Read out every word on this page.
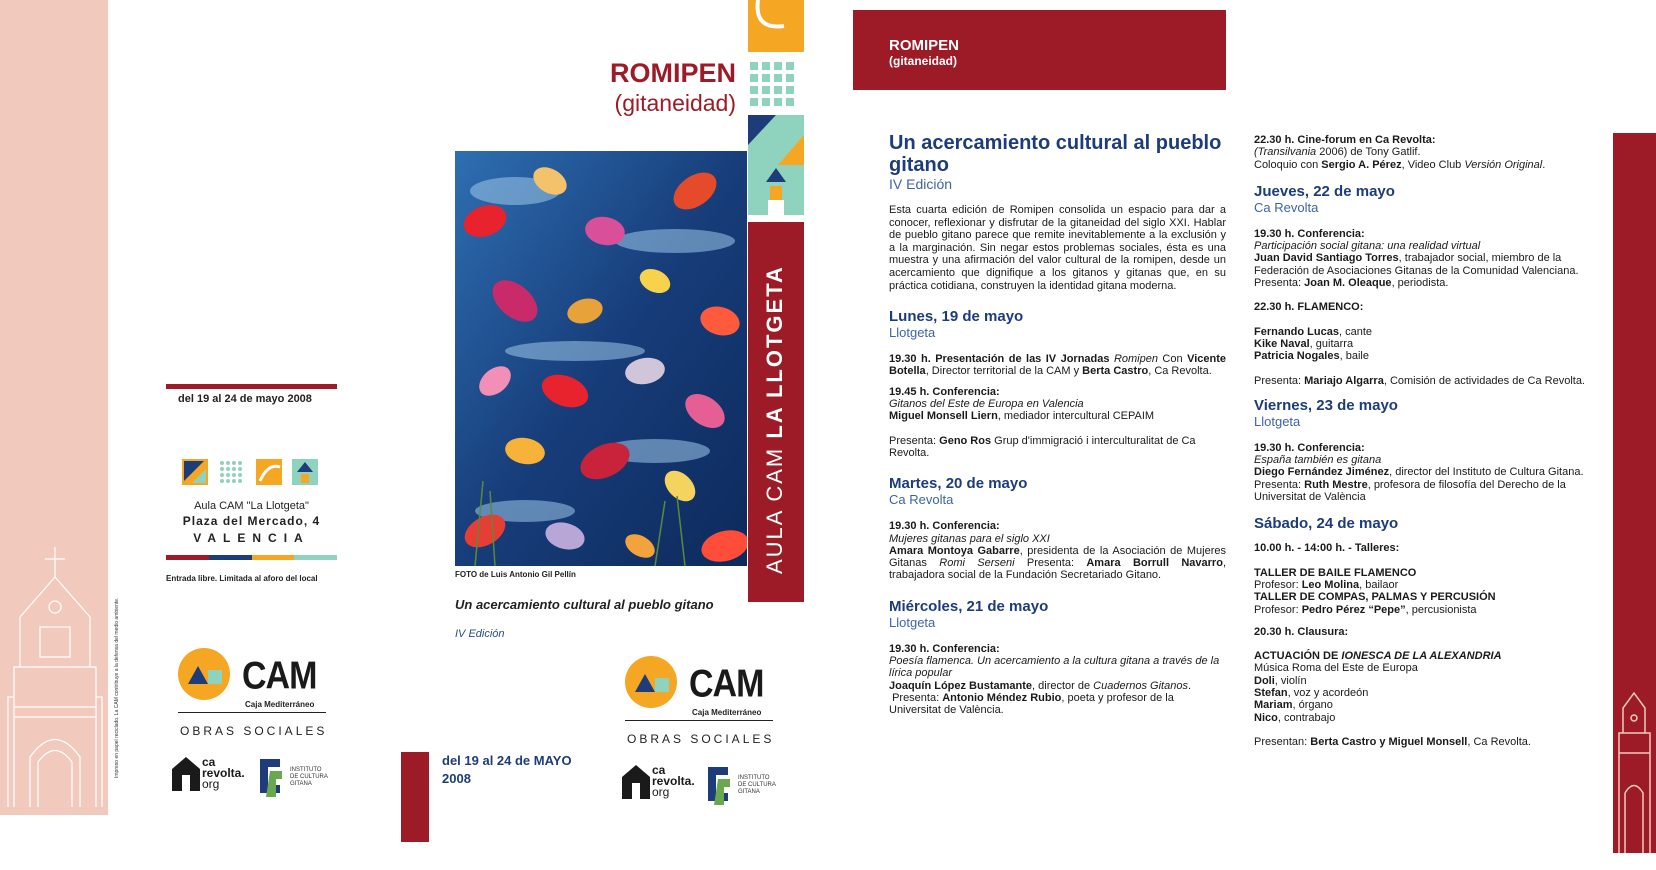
del 19 al 24 de mayo 2008
Aula CAM "La Llotgeta"
Plaza del Mercado, 4
VALENCIA
Entrada libre. Limitada al aforo del local
Impreso en papel reciclado. La CAM contribuye a la defensa del medio ambiente.	CAM
Caja Mediterráneo
OBRAS SOCIALES
ca
revolta.
org
INSTITUTO
DE CULTURA
GITANA
ROMIPEN
(gitaneidad)
AULA CAM LA LLOTGETA
FOTO de Luis Antonio Gil Pellín
Un acercamiento cultural al pueblo gitano
IV Edición
del 19 al 24 de MAYO
2008
CAM
Caja Mediterráneo
OBRAS SOCIALES
ca
revolta.
org
INSTITUTO
DE CULTURA
GITANA
ROMIPEN
(gitaneidad)
Un acercamiento cultural al pueblo gitano
IV Edición
Esta cuarta edición de Romipen consolida un espacio para dar a conocer, reflexionar y disfrutar de la gitaneidad del siglo XXI. Hablar de pueblo gitano parece que remite inevitablemente a la exclusión y a la marginación. Sin negar estos problemas sociales, ésta es una muestra y una afirmación del valor cultural de la romipen, desde un acercamiento que dignifique a los gitanos y gitanas que, en su práctica cotidiana, construyen la identidad gitana moderna.
Lunes, 19 de mayo
Llotgeta
19.30 h. Presentación de las IV Jornadas Romipen Con Vicente Botella, Director territorial de la CAM y Berta Castro, Ca Revolta.
19.45 h. Conferencia:
Gitanos del Este de Europa en Valencia
Miguel Monsell Liern, mediador intercultural CEPAIM
Presenta: Geno Ros Grup d'immigració i interculturalitat de Ca Revolta.
Martes, 20 de mayo
Ca Revolta
19.30 h. Conferencia:
Mujeres gitanas para el siglo XXI
Amara Montoya Gabarre, presidenta de la Asociación de Mujeres Gitanas Romi Serseni Presenta: Amara Borrull Navarro, trabajadora social de la Fundación Secretariado Gitano.
Miércoles, 21 de mayo
Llotgeta
19.30 h. Conferencia:
Poesía flamenca. Un acercamiento a la cultura gitana a través de la lírica popular
Joaquín López Bustamante, director de Cuadernos Gitanos.
Presenta: Antonio Méndez Rubio, poeta y profesor de la Universitat de València.
22.30 h. Cine-forum en Ca Revolta:
(Transilvania 2006) de Tony Gatlif.
Coloquio con Sergio A. Pérez, Video Club Versión Original.
Jueves, 22 de mayo
Ca Revolta
19.30 h. Conferencia:
Participación social gitana: una realidad virtual
Juan David Santiago Torres, trabajador social, miembro de la Federación de Asociaciones Gitanas de la Comunidad Valenciana.
Presenta: Joan M. Oleaque, periodista.
22.30 h. FLAMENCO:
Fernando Lucas, cante
Kike Naval, guitarra
Patricia Nogales, baile
Presenta: Mariajo Algarra, Comisión de actividades de Ca Revolta.
Viernes, 23 de mayo
Llotgeta
19.30 h. Conferencia:
España también es gitana
Diego Fernández Jiménez, director del Instituto de Cultura Gitana.
Presenta: Ruth Mestre, profesora de filosofía del Derecho de la Universitat de València
Sábado, 24 de mayo
10.00 h. - 14:00 h. - Talleres:
TALLER DE BAILE FLAMENCO
Profesor: Leo Molina, bailaor
TALLER DE COMPAS, PALMAS Y PERCUSIÓN
Profesor: Pedro Pérez “Pepe”, percusionista
20.30 h. Clausura:
ACTUACIÓN DE IONESCA DE LA ALEXANDRIA
Música Roma del Este de Europa
Doli, violín
Stefan, voz y acordeón
Mariam, órgano
Nico, contrabajo
Presentan: Berta Castro y Miguel Monsell, Ca Revolta.
